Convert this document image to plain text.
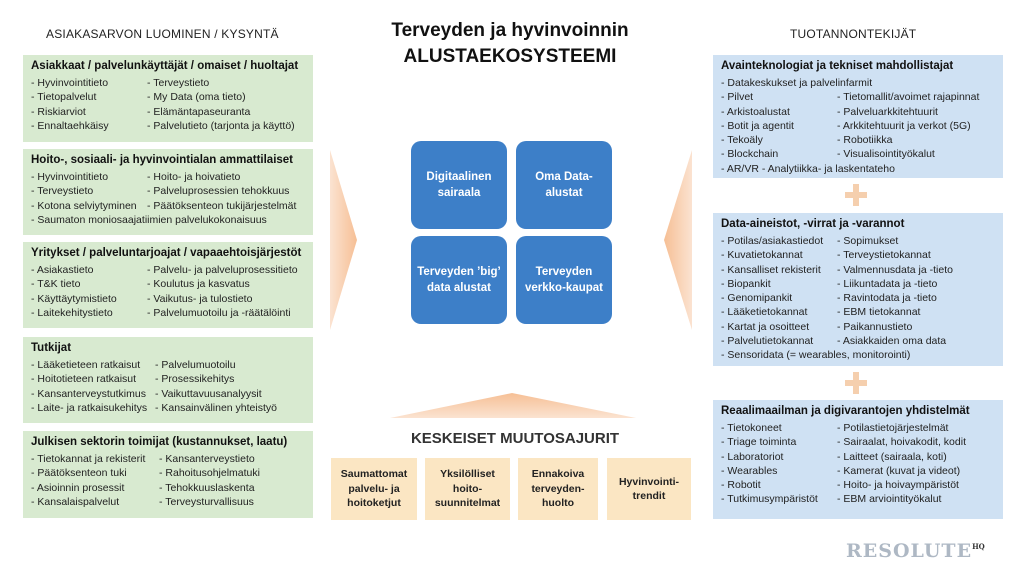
ASIAKASARVON LUOMINEN / KYSYNTÄ	TUOTANNONTEKIJÄT
Terveyden ja hyvinvoinnin
ALUSTAEKOSYSTEEMI
Asiakkaat / palvelunkäyttäjät / omaiset / huoltajat
- Hyvinvointitieto
- Tietopalvelut
- Riskiarviot
- Ennaltaehkäisy
- Terveystieto
- My Data (oma tieto)
- Elämäntapaseuranta
- Palvelutieto (tarjonta ja käyttö)
Hoito-, sosiaali- ja hyvinvointialan ammattilaiset
- Hyvinvointitieto
- Terveystieto
- Kotona selviytyminen
- Hoito- ja hoivatieto
- Palveluprosessien tehokkuus
- Päätöksenteon tukijärjestelmät
- Saumaton moniosaajatiimien palvelukokonaisuus
Yritykset / palveluntarjoajat / vapaaehtoisjärjestöt
- Asiakastieto
- T&K tieto
- Käyttäytymistieto
- Laitekehitystieto
- Palvelu- ja palveluprosessitieto
- Koulutus ja kasvatus
- Vaikutus- ja tulostieto
- Palvelumuotoilu ja -räätälöinti
Tutkijat
- Lääketieteen ratkaisut
- Hoitotieteen ratkaisut
- Kansanterveystutkimus
- Laite- ja ratkaisukehitys
- Palvelumuotoilu
- Prosessikehitys
- Vaikuttavuusanalyysit
- Kansainvälinen yhteistyö
Julkisen sektorin toimijat (kustannukset, laatu)
- Tietokannat ja rekisterit
- Päätöksenteon tuki
- Asioinnin prosessit
- Kansalaispalvelut
- Kansanterveystieto
- Rahoitusohjelmatuki
- Tehokkuuslaskenta
- Terveysturvallisuus
Digitaalinen sairaala
Oma Data-alustat
Terveyden ’big’ data alustat
Terveyden verkko-kaupat
KESKEISET MUUTOSAJURIT
Saumattomat palvelu- ja hoitoketjut
Yksilölliset hoito-suunnitelmat
Ennakoiva terveyden-huolto
Hyvinvointi-trendit
Avainteknologiat ja tekniset mahdollistajat
- Datakeskukset ja palvelinfarmit
- Pilvet
- Arkistoalustat
- Botit ja agentit
- Tekoäly
- Blockchain
- Tietomallit/avoimet rajapinnat
- Palveluarkkitehtuurit
- Arkkitehtuurit ja verkot (5G)
- Robotiikka
- Visualisointityökalut
- AR/VR - Analytiikka- ja laskentateho
Data-aineistot, -virrat ja -varannot
- Potilas/asiakastiedot
- Kuvatietokannat
- Kansalliset rekisterit
- Biopankit
- Genomipankit
- Lääketietokannat
- Kartat ja osoitteet
- Palvelutietokannat
- Sopimukset
- Terveystietokannat
- Valmennusdata ja -tieto
- Liikuntadata ja -tieto
- Ravintodata ja -tieto
- EBM tietokannat
- Paikannustieto
- Asiakkaiden oma data
- Sensoridata (= wearables, monitorointi)
Reaalimaailman ja digivarantojen yhdistelmät
- Tietokoneet
- Triage toiminta
- Laboratoriot
- Wearables
- Robotit
- Tutkimusympäristöt
- Potilastietojärjestelmät
- Sairaalat, hoivakodit, kodit
- Laitteet (sairaala, koti)
- Kamerat (kuvat ja videot)
- Hoito- ja hoivaympäristöt
- EBM arviointityökalut
$RESOLUTE^{HQ}$
